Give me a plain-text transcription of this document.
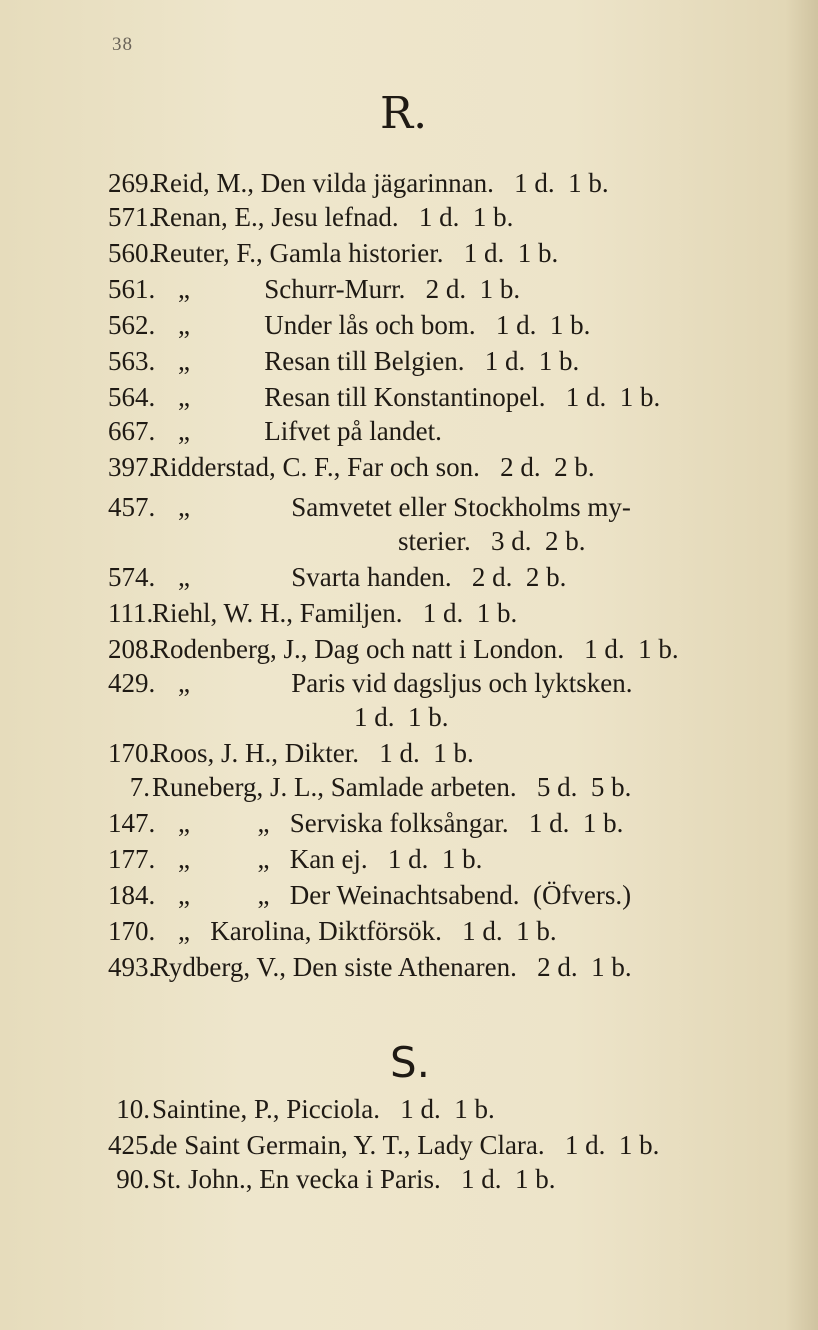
38
R.
269.
Reid, M., Den vilda jägarinnan.   1 d.  1 b.
571.
Renan, E., Jesu lefnad.   1 d.  1 b.
560.
Reuter, F., Gamla historier.   1 d.  1 b.
561. „           Schurr-Murr.   2 d.  1 b.
562. „           Under lås och bom.   1 d.  1 b.
563. „           Resan till Belgien.   1 d.  1 b.
564. „           Resan till Konstantinopel.   1 d.  1 b.
667. „           Lifvet på landet.
397.
Ridderstad, C. F., Far och son.   2 d.  2 b.
457. „               Samvetet eller Stockholms my-
sterier.   3 d.  2 b.
574. „               Svarta handen.   2 d.  2 b.
111.
Riehl, W. H., Familjen.   1 d.  1 b.
208.
Rodenberg, J., Dag och natt i London.   1 d.  1 b.
429. „               Paris vid dagsljus och lyktsken.
1 d.  1 b.
170.
Roos, J. H., Dikter.   1 d.  1 b.
7. Runeberg, J. L., Samlade arbeten.   5 d.  5 b.
147. „          „   Serviska folksångar.   1 d.  1 b.
177. „          „   Kan ej.   1 d.  1 b.
184. „          „   Der Weinachtsabend.  (Öfvers.)
170. „   Karolina, Diktförsök.   1 d.  1 b.
493.
Rydberg, V., Den siste Athenaren.   2 d.  1 b.
S.
10. Saintine, P., Picciola.   1 d.  1 b.
425.
de Saint Germain, Y. T., Lady Clara.   1 d.  1 b.
90. St. John., En vecka i Paris.   1 d.  1 b.
